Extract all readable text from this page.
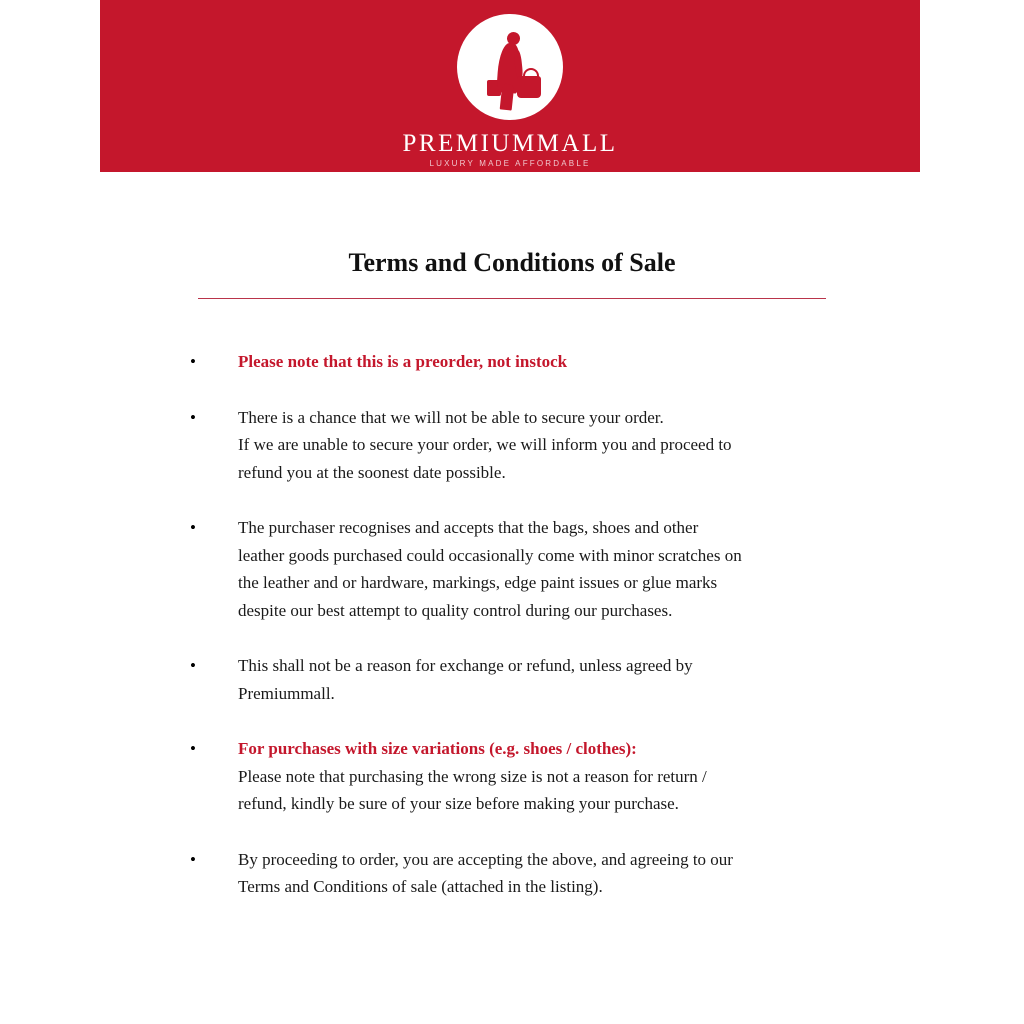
PREMIUMMALL
LUXURY MADE AFFORDABLE
Terms and Conditions of Sale
•	Please note that this is a preorder, not instock
•	There is a chance that we will not be able to secure your order.
If we are unable to secure your order, we will inform you and proceed to
refund you at the soonest date possible.
•	The purchaser recognises and accepts that the bags, shoes and other
leather goods purchased could occasionally come with minor scratches on
the leather and or hardware, markings, edge paint issues or glue marks
despite our best attempt to quality control during our purchases.
•	This shall not be a reason for exchange or refund, unless agreed by
Premiummall.
•	For purchases with size variations (e.g. shoes / clothes):
Please note that purchasing the wrong size is not a reason for return /
refund, kindly be sure of your size before making your purchase.
•	By proceeding to order, you are accepting the above, and agreeing to our
Terms and Conditions of sale (attached in the listing).
